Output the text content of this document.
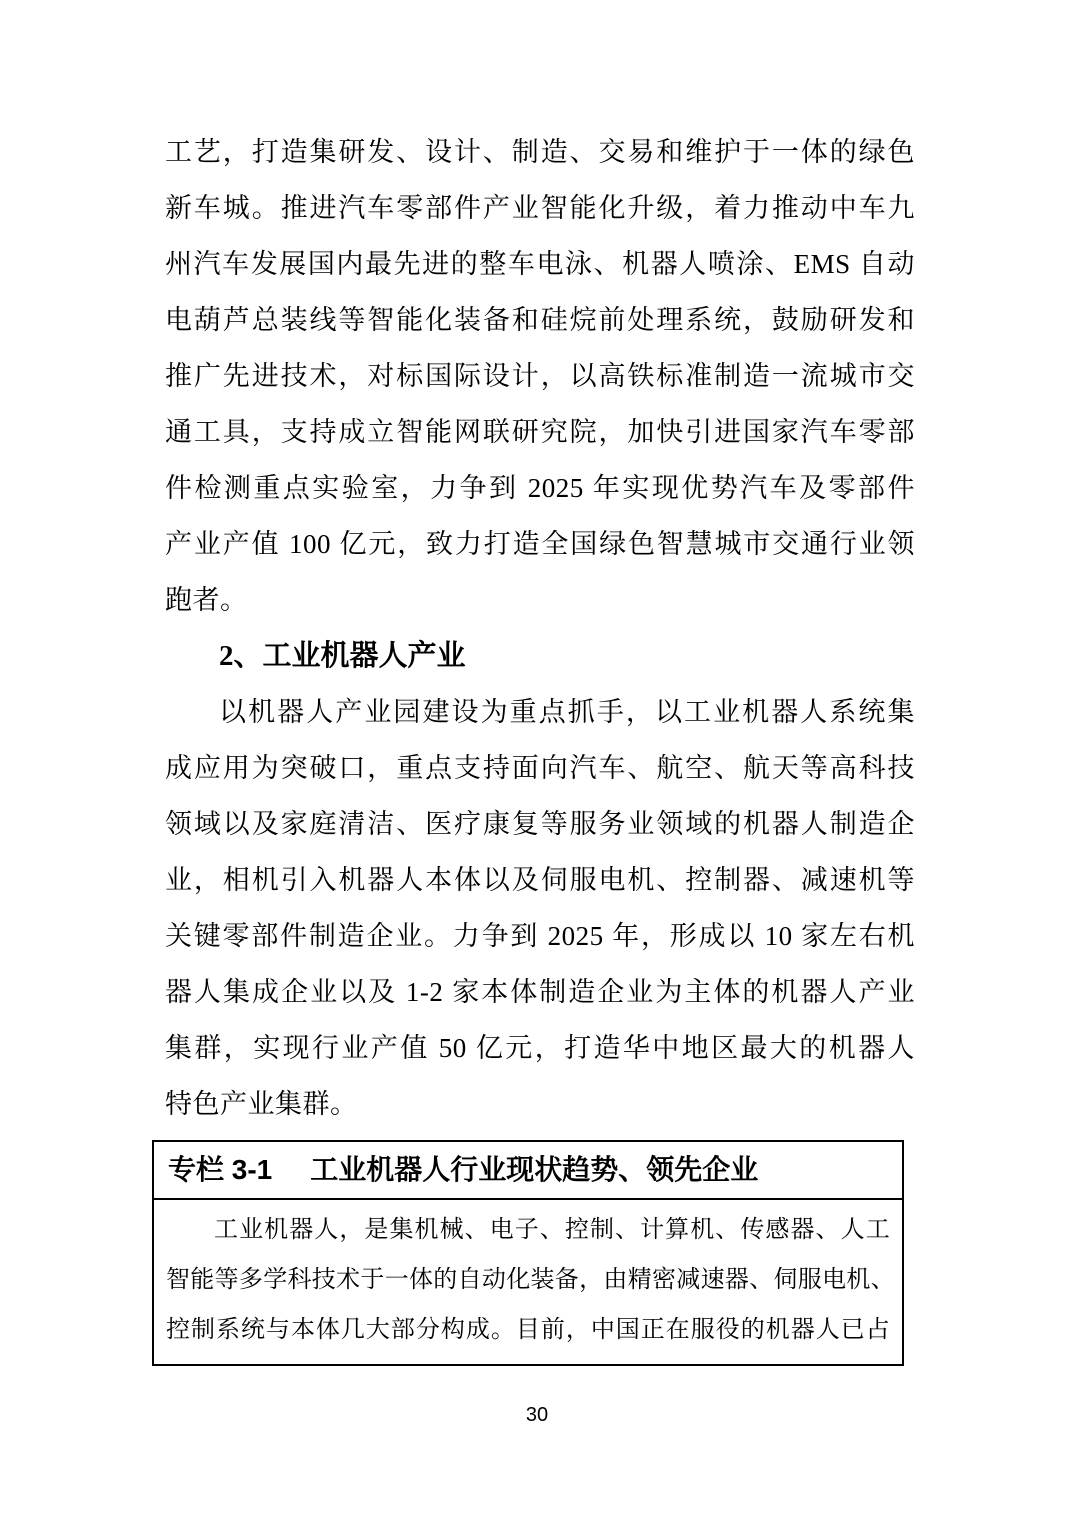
工艺，打造集研发、设计、制造、交易和维护于一体的绿色
新车城。推进汽车零部件产业智能化升级，着力推动中车九
州汽车发展国内最先进的整车电泳、机器人喷涂、EMS 自动
电葫芦总装线等智能化装备和硅烷前处理系统，鼓励研发和
推广先进技术，对标国际设计，以高铁标准制造一流城市交
通工具，支持成立智能网联研究院，加快引进国家汽车零部
件检测重点实验室，力争到 2025 年实现优势汽车及零部件
产业产值 100 亿元，致力打造全国绿色智慧城市交通行业领
跑者。
2、工业机器人产业
以机器人产业园建设为重点抓手，以工业机器人系统集
成应用为突破口，重点支持面向汽车、航空、航天等高科技
领域以及家庭清洁、医疗康复等服务业领域的机器人制造企
业，相机引入机器人本体以及伺服电机、控制器、减速机等
关键零部件制造企业。力争到 2025 年，形成以 10 家左右机
器人集成企业以及 1-2 家本体制造企业为主体的机器人产业
集群，实现行业产值 50 亿元，打造华中地区最大的机器人
特色产业集群。
专栏 3-1 工业机器人行业现状趋势、领先企业
工业机器人，是集机械、电子、控制、计算机、传感器、人工
智能等多学科技术于一体的自动化装备，由精密减速器、伺服电机、
控制系统与本体几大部分构成。目前，中国正在服役的机器人已占
30
